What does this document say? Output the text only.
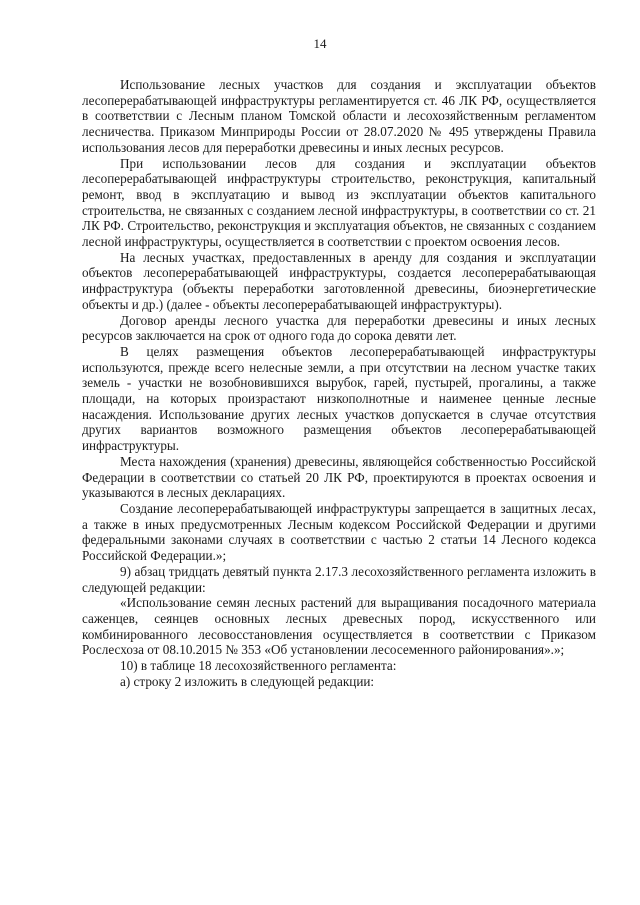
14

Использование лесных участков для создания и эксплуатации объектов лесоперерабатывающей инфраструктуры регламентируется ст. 46 ЛК РФ, осуществляется в соответствии с Лесным планом Томской области и лесохозяйственным регламентом лесничества. Приказом Минприроды России от 28.07.2020 № 495 утверждены Правила использования лесов для переработки древесины и иных лесных ресурсов.

При использовании лесов для создания и эксплуатации объектов лесоперерабатывающей инфраструктуры строительство, реконструкция, капитальный ремонт, ввод в эксплуатацию и вывод из эксплуатации объектов капитального строительства, не связанных с созданием лесной инфраструктуры, в соответствии со ст. 21 ЛК РФ. Строительство, реконструкция и эксплуатация объектов, не связанных с созданием лесной инфраструктуры, осуществляется в соответствии с проектом освоения лесов.

На лесных участках, предоставленных в аренду для создания и эксплуатации объектов лесоперерабатывающей инфраструктуры, создается лесоперерабатывающая инфраструктура (объекты переработки заготовленной древесины, биоэнергетические объекты и др.) (далее - объекты лесоперерабатывающей инфраструктуры).

Договор аренды лесного участка для переработки древесины и иных лесных ресурсов заключается на срок от одного года до сорока девяти лет.

В целях размещения объектов лесоперерабатывающей инфраструктуры используются, прежде всего нелесные земли, а при отсутствии на лесном участке таких земель - участки не возобновившихся вырубок, гарей, пустырей, прогалины, а также площади, на которых произрастают низкополнотные и наименее ценные лесные насаждения. Использование других лесных участков допускается в случае отсутствия других вариантов возможного размещения объектов лесоперерабатывающей инфраструктуры.

Места нахождения (хранения) древесины, являющейся собственностью Российской Федерации в соответствии со статьей 20 ЛК РФ, проектируются в проектах освоения и указываются в лесных декларациях.

Создание лесоперерабатывающей инфраструктуры запрещается в защитных лесах, а также в иных предусмотренных Лесным кодексом Российской Федерации и другими федеральными законами случаях в соответствии с частью 2 статьи 14 Лесного кодекса Российской Федерации.»;

9) абзац тридцать девятый пункта 2.17.3 лесохозяйственного регламента изложить в следующей редакции:

«Использование семян лесных растений для выращивания посадочного материала саженцев, сеянцев основных лесных древесных пород, искусственного или комбинированного лесовосстановления осуществляется в соответствии с Приказом Рослесхоза от 08.10.2015 № 353 «Об установлении лесосеменного районирования».»;

10) в таблице 18 лесохозяйственного регламента:

а) строку 2 изложить в следующей редакции:
